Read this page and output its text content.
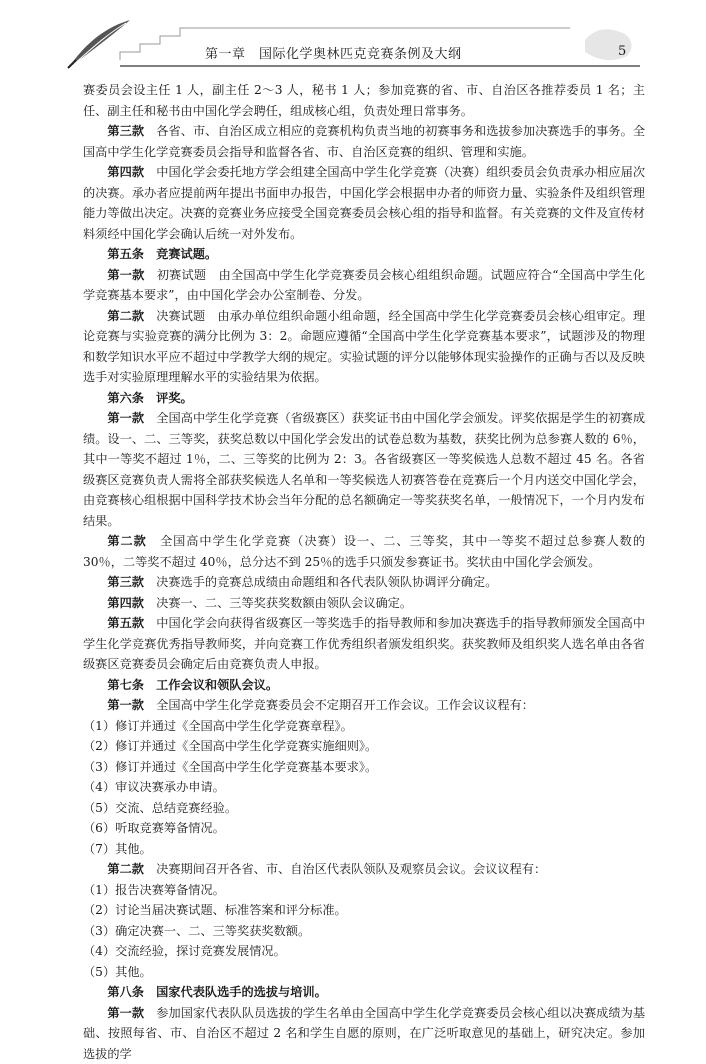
第一章　国际化学奥林匹克竞赛条例及大纲	5

赛委员会设主任 1 人，副主任 2～3 人，秘书 1 人；参加竞赛的省、市、自治区各推荐委员 1 名；主任、副主任和秘书由中国化学会聘任，组成核心组，负责处理日常事务。

第三款　各省、市、自治区成立相应的竞赛机构负责当地的初赛事务和选拔参加决赛选手的事务。全国高中学生化学竞赛委员会指导和监督各省、市、自治区竞赛的组织、管理和实施。

第四款　中国化学会委托地方学会组建全国高中学生化学竞赛（决赛）组织委员会负责承办相应届次的决赛。承办者应提前两年提出书面申办报告，中国化学会根据申办者的师资力量、实验条件及组织管理能力等做出决定。决赛的竞赛业务应接受全国竞赛委员会核心组的指导和监督。有关竞赛的文件及宣传材料须经中国化学会确认后统一对外发布。

第五条　竞赛试题。

第一款　初赛试题　由全国高中学生化学竞赛委员会核心组组织命题。试题应符合“全国高中学生化学竞赛基本要求”，由中国化学会办公室制卷、分发。

第二款　决赛试题　由承办单位组织命题小组命题，经全国高中学生化学竞赛委员会核心组审定。理论竞赛与实验竞赛的满分比例为 3：2。命题应遵循“全国高中学生化学竞赛基本要求”，试题涉及的物理和数学知识水平应不超过中学教学大纲的规定。实验试题的评分以能够体现实验操作的正确与否以及反映选手对实验原理理解水平的实验结果为依据。

第六条　评奖。

第一款　全国高中学生化学竞赛（省级赛区）获奖证书由中国化学会颁发。评奖依据是学生的初赛成绩。设一、二、三等奖，获奖总数以中国化学会发出的试卷总数为基数，获奖比例为总参赛人数的 6％，其中一等奖不超过 1％，二、三等奖的比例为 2：3。各省级赛区一等奖候选人总数不超过 45 名。各省级赛区竞赛负责人需将全部获奖候选人名单和一等奖候选人初赛答卷在竞赛后一个月内送交中国化学会，由竞赛核心组根据中国科学技术协会当年分配的总名额确定一等奖获奖名单，一般情况下，一个月内发布结果。

第二款　全国高中学生化学竞赛（决赛）设一、二、三等奖，其中一等奖不超过总参赛人数的 30％，二等奖不超过 40％，总分达不到 25％的选手只颁发参赛证书。奖状由中国化学会颁发。

第三款　决赛选手的竞赛总成绩由命题组和各代表队领队协调评分确定。

第四款　决赛一、二、三等奖获奖数额由领队会议确定。

第五款　中国化学会向获得省级赛区一等奖选手的指导教师和参加决赛选手的指导教师颁发全国高中学生化学竞赛优秀指导教师奖，并向竞赛工作优秀组织者颁发组织奖。获奖教师及组织奖人选名单由各省级赛区竞赛委员会确定后由竞赛负责人申报。

第七条　工作会议和领队会议。

第一款　全国高中学生化学竞赛委员会不定期召开工作会议。工作会议议程有：

（1）修订并通过《全国高中学生化学竞赛章程》。

（2）修订并通过《全国高中学生化学竞赛实施细则》。

（3）修订并通过《全国高中学生化学竞赛基本要求》。

（4）审议决赛承办申请。

（5）交流、总结竞赛经验。

（6）听取竞赛筹备情况。

（7）其他。

第二款　决赛期间召开各省、市、自治区代表队领队及观察员会议。会议议程有：

（1）报告决赛筹备情况。

（2）讨论当届决赛试题、标准答案和评分标准。

（3）确定决赛一、二、三等奖获奖数额。

（4）交流经验，探讨竞赛发展情况。

（5）其他。

第八条　国家代表队选手的选拔与培训。

第一款　参加国家代表队队员选拔的学生名单由全国高中学生化学竞赛委员会核心组以决赛成绩为基础、按照每省、市、自治区不超过 2 名和学生自愿的原则，在广泛听取意见的基础上，研究决定。参加选拔的学
